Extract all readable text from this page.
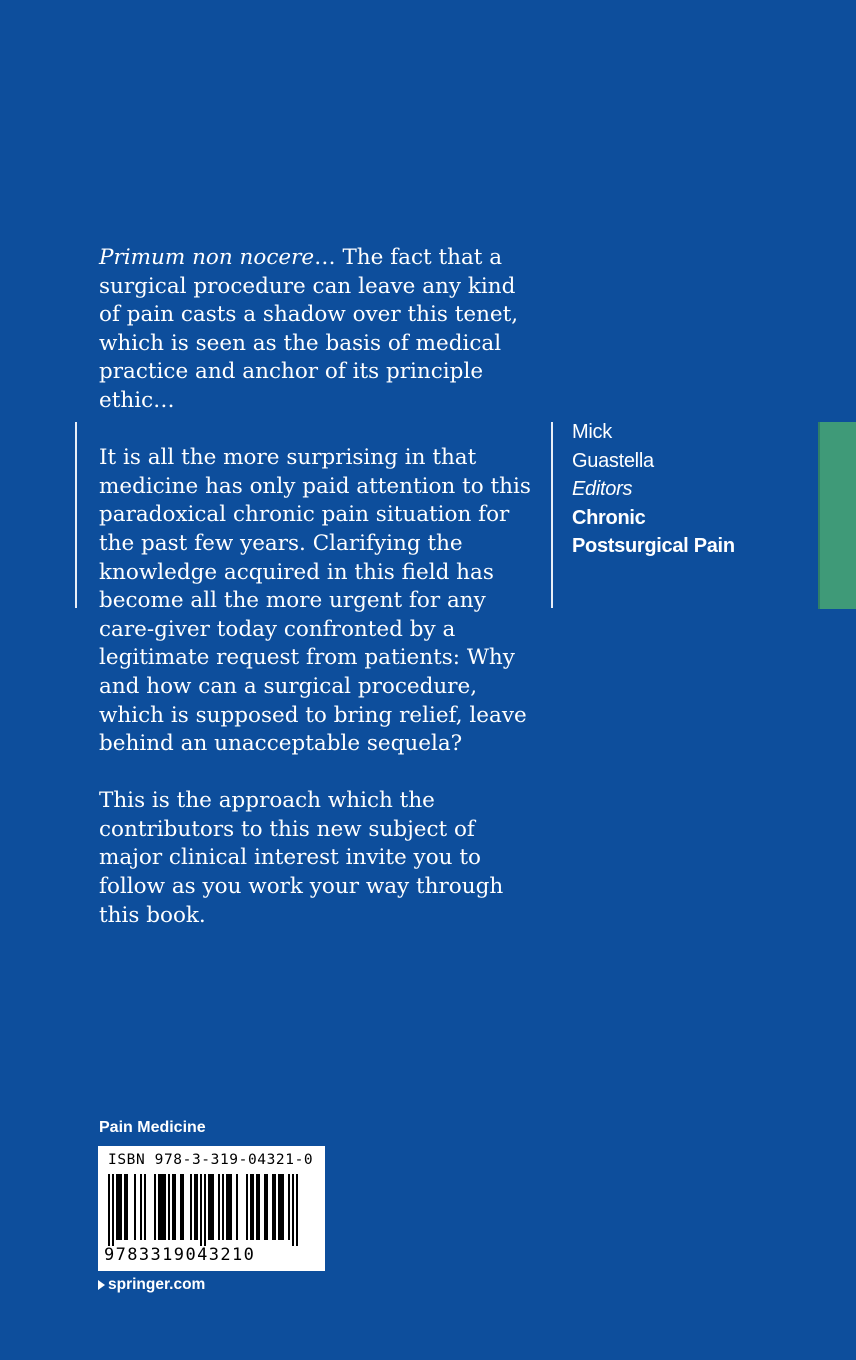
Primum non nocere… The fact that a surgical procedure can leave any kind of pain casts a shadow over this tenet, which is seen as the basis of medical practice and anchor of its principle ethic…

It is all the more surprising in that medicine has only paid attention to this paradoxical chronic pain situation for the past few years. Clarifying the knowledge acquired in this field has become all the more urgent for any care-giver today confronted by a legitimate request from patients: Why and how can a surgical procedure, which is supposed to bring relief, leave behind an unacceptable sequela?

This is the approach which the contributors to this new subject of major clinical interest invite you to follow as you work your way through this book.

Mick
Guastella
Editors
Chronic
Postsurgical Pain
Pain Medicine
ISBN 978-3-319-04321-0
9783319043210
springer.com
